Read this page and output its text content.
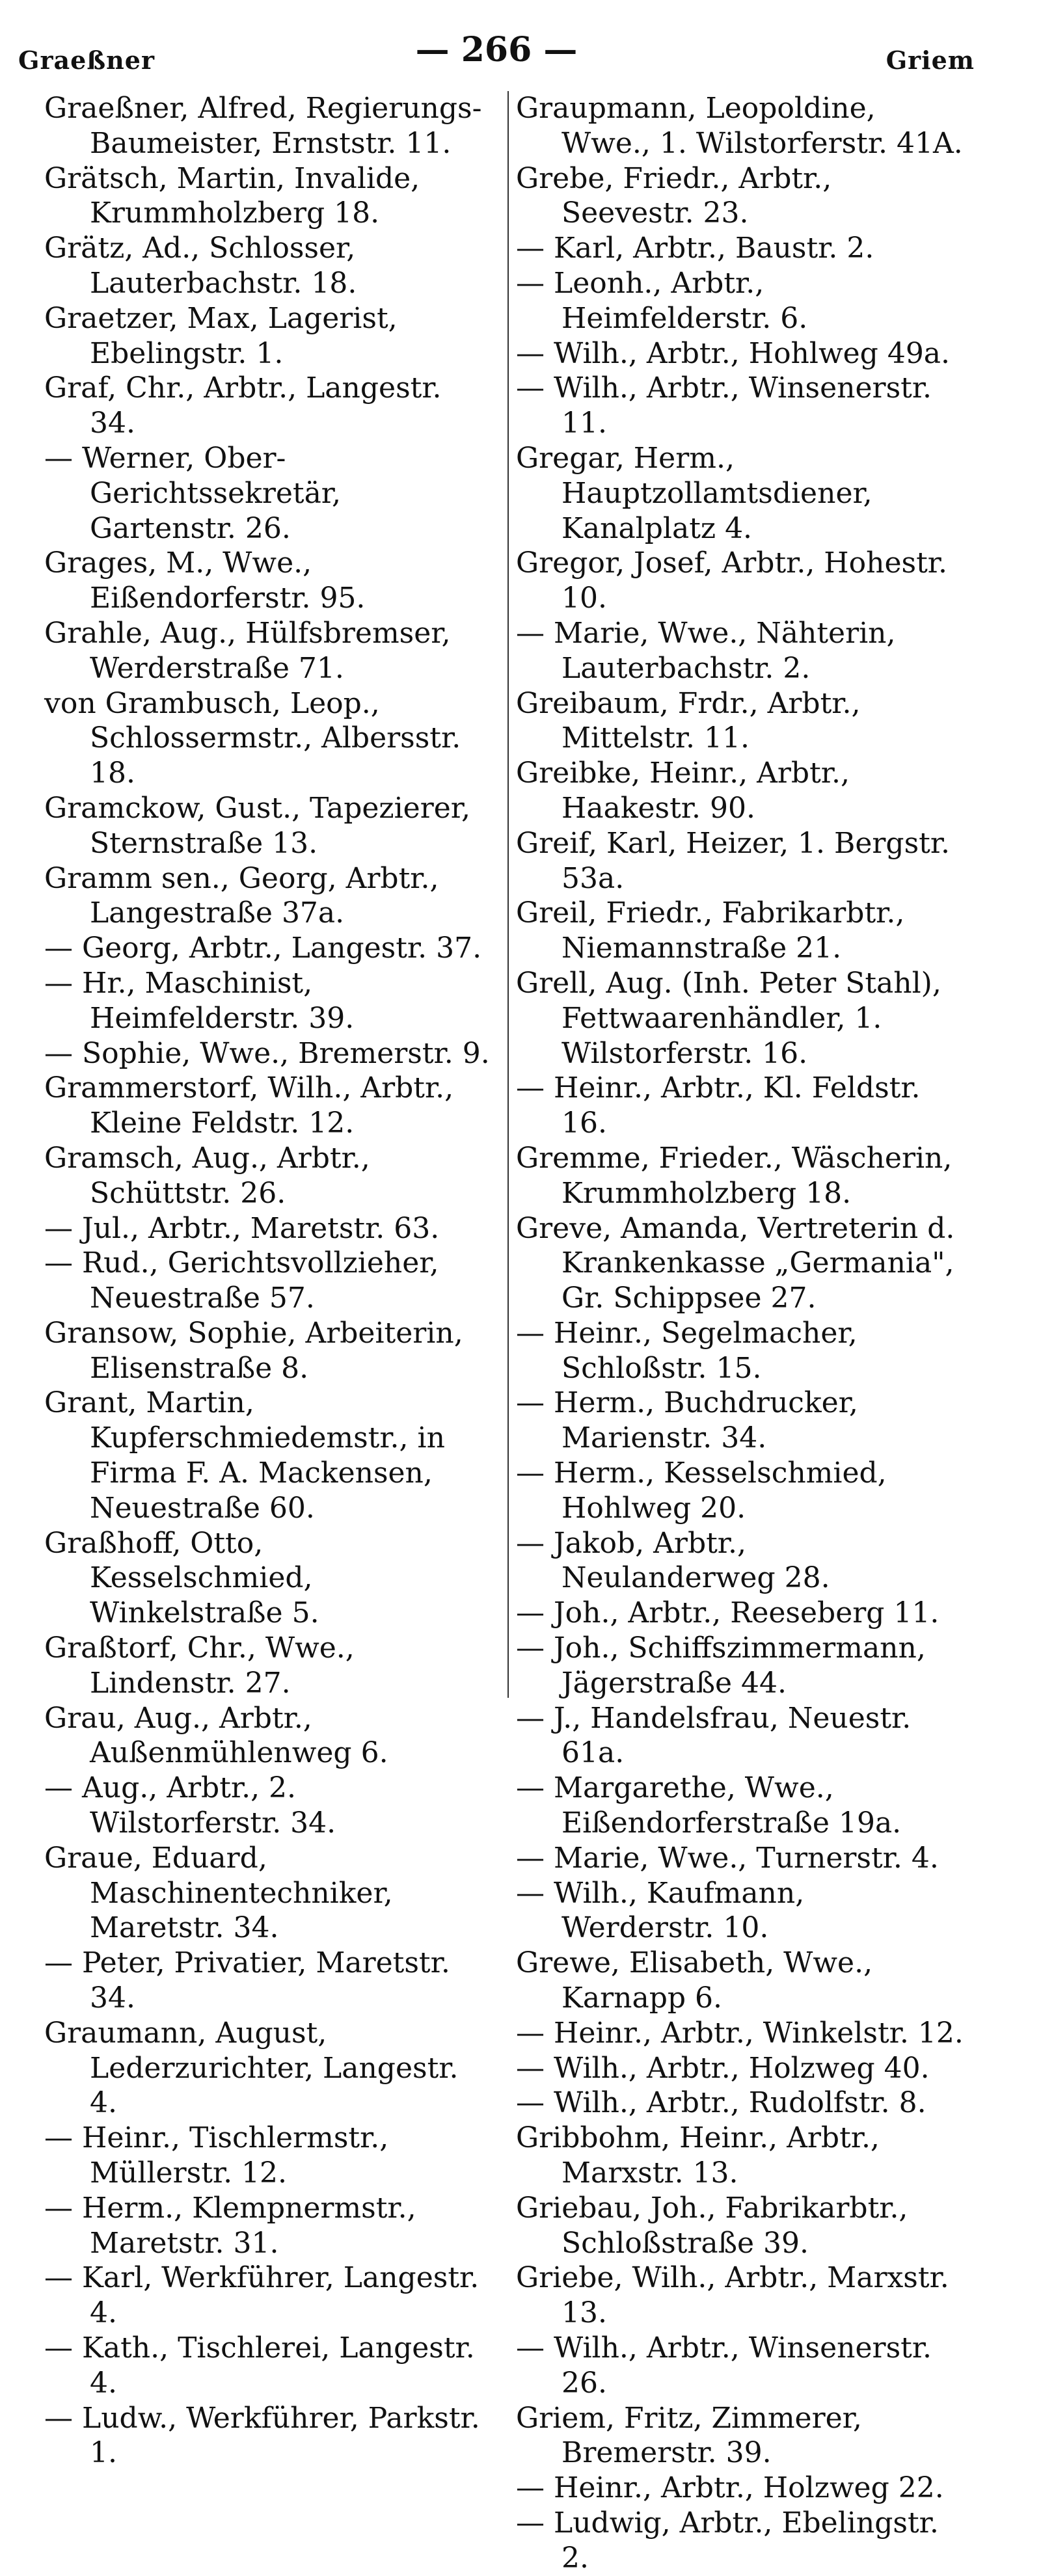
Graeßner	— 266 —	Griem

Graeßner, Alfred, Regierungs-Baumeister, Ernststr. 11.

Grätsch, Martin, Invalide, Krummholzberg 18.

Grätz, Ad., Schlosser, Lauterbachstr. 18.

Graetzer, Max, Lagerist, Ebelingstr. 1.

Graf, Chr., Arbtr., Langestr. 34.

— Werner, Ober-Gerichtssekretär, Gartenstr. 26.

Grages, M., Wwe., Eißendorferstr. 95.

Grahle, Aug., Hülfsbremser, Werderstraße 71.

von Grambusch, Leop., Schlossermstr., Albersstr. 18.

Gramckow, Gust., Tapezierer, Sternstraße 13.

Gramm sen., Georg, Arbtr., Langestraße 37a.

— Georg, Arbtr., Langestr. 37.

— Hr., Maschinist, Heimfelderstr. 39.

— Sophie, Wwe., Bremerstr. 9.

Grammerstorf, Wilh., Arbtr., Kleine Feldstr. 12.

Gramsch, Aug., Arbtr., Schüttstr. 26.

— Jul., Arbtr., Maretstr. 63.

— Rud., Gerichtsvollzieher, Neuestraße 57.

Gransow, Sophie, Arbeiterin, Elisenstraße 8.

Grant, Martin, Kupferschmiedemstr., in Firma F. A. Mackensen, Neuestraße 60.

Graßhoff, Otto, Kesselschmied, Winkelstraße 5.

Graßtorf, Chr., Wwe., Lindenstr. 27.

Grau, Aug., Arbtr., Außenmühlenweg 6.

— Aug., Arbtr., 2. Wilstorferstr. 34.

Graue, Eduard, Maschinentechniker, Maretstr. 34.

— Peter, Privatier, Maretstr. 34.

Graumann, August, Lederzurichter, Langestr. 4.

— Heinr., Tischlermstr., Müllerstr. 12.

— Herm., Klempnermstr., Maretstr. 31.

— Karl, Werkführer, Langestr. 4.

— Kath., Tischlerei, Langestr. 4.

— Ludw., Werkführer, Parkstr. 1.

Graupmann, Leopoldine, Wwe., 1. Wilstorferstr. 41A.

Grebe, Friedr., Arbtr., Seevestr. 23.

— Karl, Arbtr., Baustr. 2.

— Leonh., Arbtr., Heimfelderstr. 6.

— Wilh., Arbtr., Hohlweg 49a.

— Wilh., Arbtr., Winsenerstr. 11.

Gregar, Herm., Hauptzollamtsdiener, Kanalplatz 4.

Gregor, Josef, Arbtr., Hohestr. 10.

— Marie, Wwe., Nähterin, Lauterbachstr. 2.

Greibaum, Frdr., Arbtr., Mittelstr. 11.

Greibke, Heinr., Arbtr., Haakestr. 90.

Greif, Karl, Heizer, 1. Bergstr. 53a.

Greil, Friedr., Fabrikarbtr., Niemannstraße 21.

Grell, Aug. (Inh. Peter Stahl), Fettwaarenhändler, 1. Wilstorferstr. 16.

— Heinr., Arbtr., Kl. Feldstr. 16.

Gremme, Frieder., Wäscherin, Krummholzberg 18.

Greve, Amanda, Vertreterin d. Krankenkasse „Germania", Gr. Schippsee 27.

— Heinr., Segelmacher, Schloßstr. 15.

— Herm., Buchdrucker, Marienstr. 34.

— Herm., Kesselschmied, Hohlweg 20.

— Jakob, Arbtr., Neulanderweg 28.

— Joh., Arbtr., Reeseberg 11.

— Joh., Schiffszimmermann, Jägerstraße 44.

— J., Handelsfrau, Neuestr. 61a.

— Margarethe, Wwe., Eißendorferstraße 19a.

— Marie, Wwe., Turnerstr. 4.

— Wilh., Kaufmann, Werderstr. 10.

Grewe, Elisabeth, Wwe., Karnapp 6.

— Heinr., Arbtr., Winkelstr. 12.

— Wilh., Arbtr., Holzweg 40.

— Wilh., Arbtr., Rudolfstr. 8.

Gribbohm, Heinr., Arbtr., Marxstr. 13.

Griebau, Joh., Fabrikarbtr., Schloßstraße 39.

Griebe, Wilh., Arbtr., Marxstr. 13.

— Wilh., Arbtr., Winsenerstr. 26.

Griem, Fritz, Zimmerer, Bremerstr. 39.

— Heinr., Arbtr., Holzweg 22.

— Ludwig, Arbtr., Ebelingstr. 2.
